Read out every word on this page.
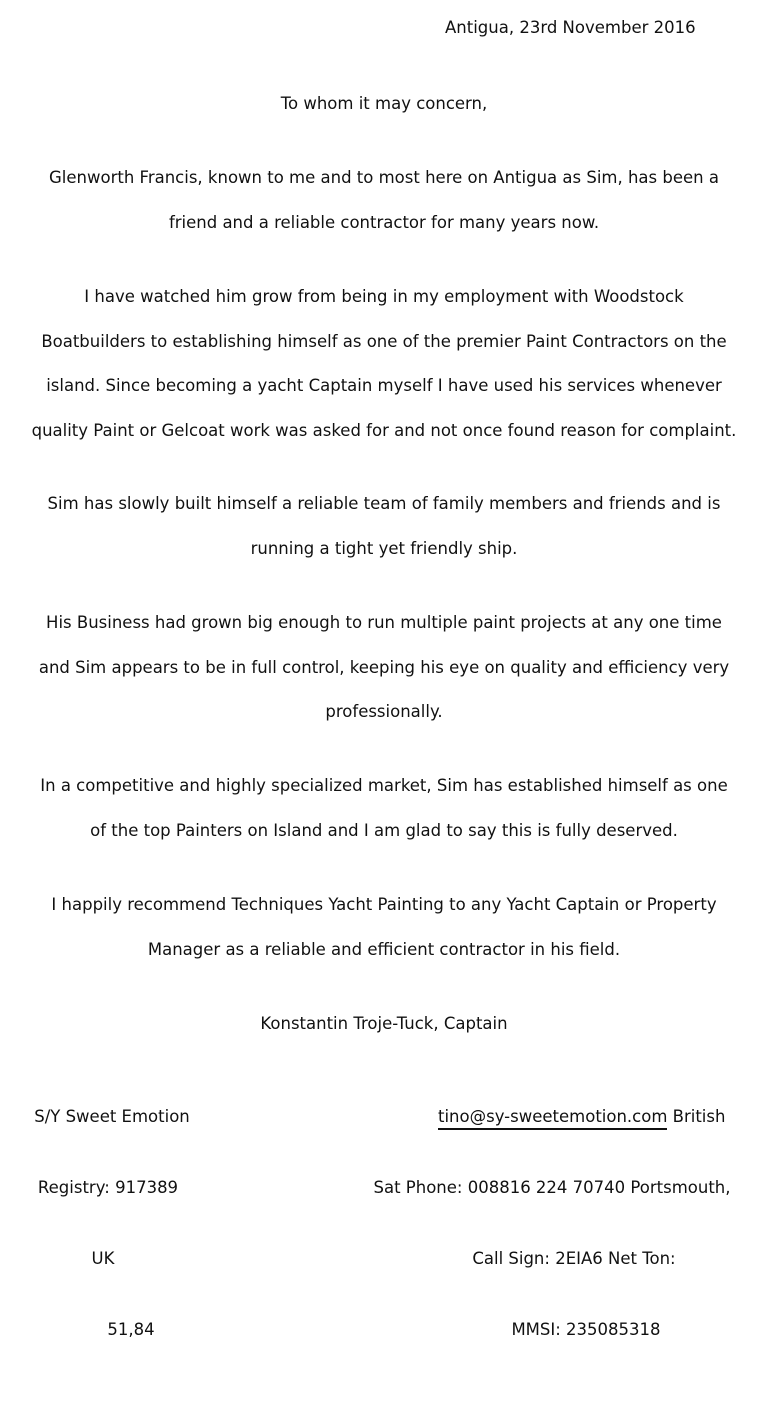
Antigua, 23rd November 2016

To whom it may concern,

Glenworth Francis, known to me and to most here on Antigua as Sim, has been a
friend and a reliable contractor for many years now.

I have watched him grow from being in my employment with Woodstock
Boatbuilders to establishing himself as one of the premier Paint Contractors on the
island. Since becoming a yacht Captain myself I have used his services whenever
quality Paint or Gelcoat work was asked for and not once found reason for complaint.

Sim has slowly built himself a reliable team of family members and friends and is
running a tight yet friendly ship.

His Business had grown big enough to run multiple paint projects at any one time
and Sim appears to be in full control, keeping his eye on quality and efficiency very
professionally.

In a competitive and highly specialized market, Sim has established himself as one
of the top Painters on Island and I am glad to say this is fully deserved.

I happily recommend Techniques Yacht Painting to any Yacht Captain or Property
Manager as a reliable and efficient contractor in his field.

Konstantin Troje-Tuck, Captain

S/Y Sweet Emotion
Registry: 917389
UK
51,84
tino@sy-sweetemotion.com British
Sat Phone: 008816 224 70740 Portsmouth,
Call Sign: 2EIA6 Net Ton:
MMSI: 235085318
